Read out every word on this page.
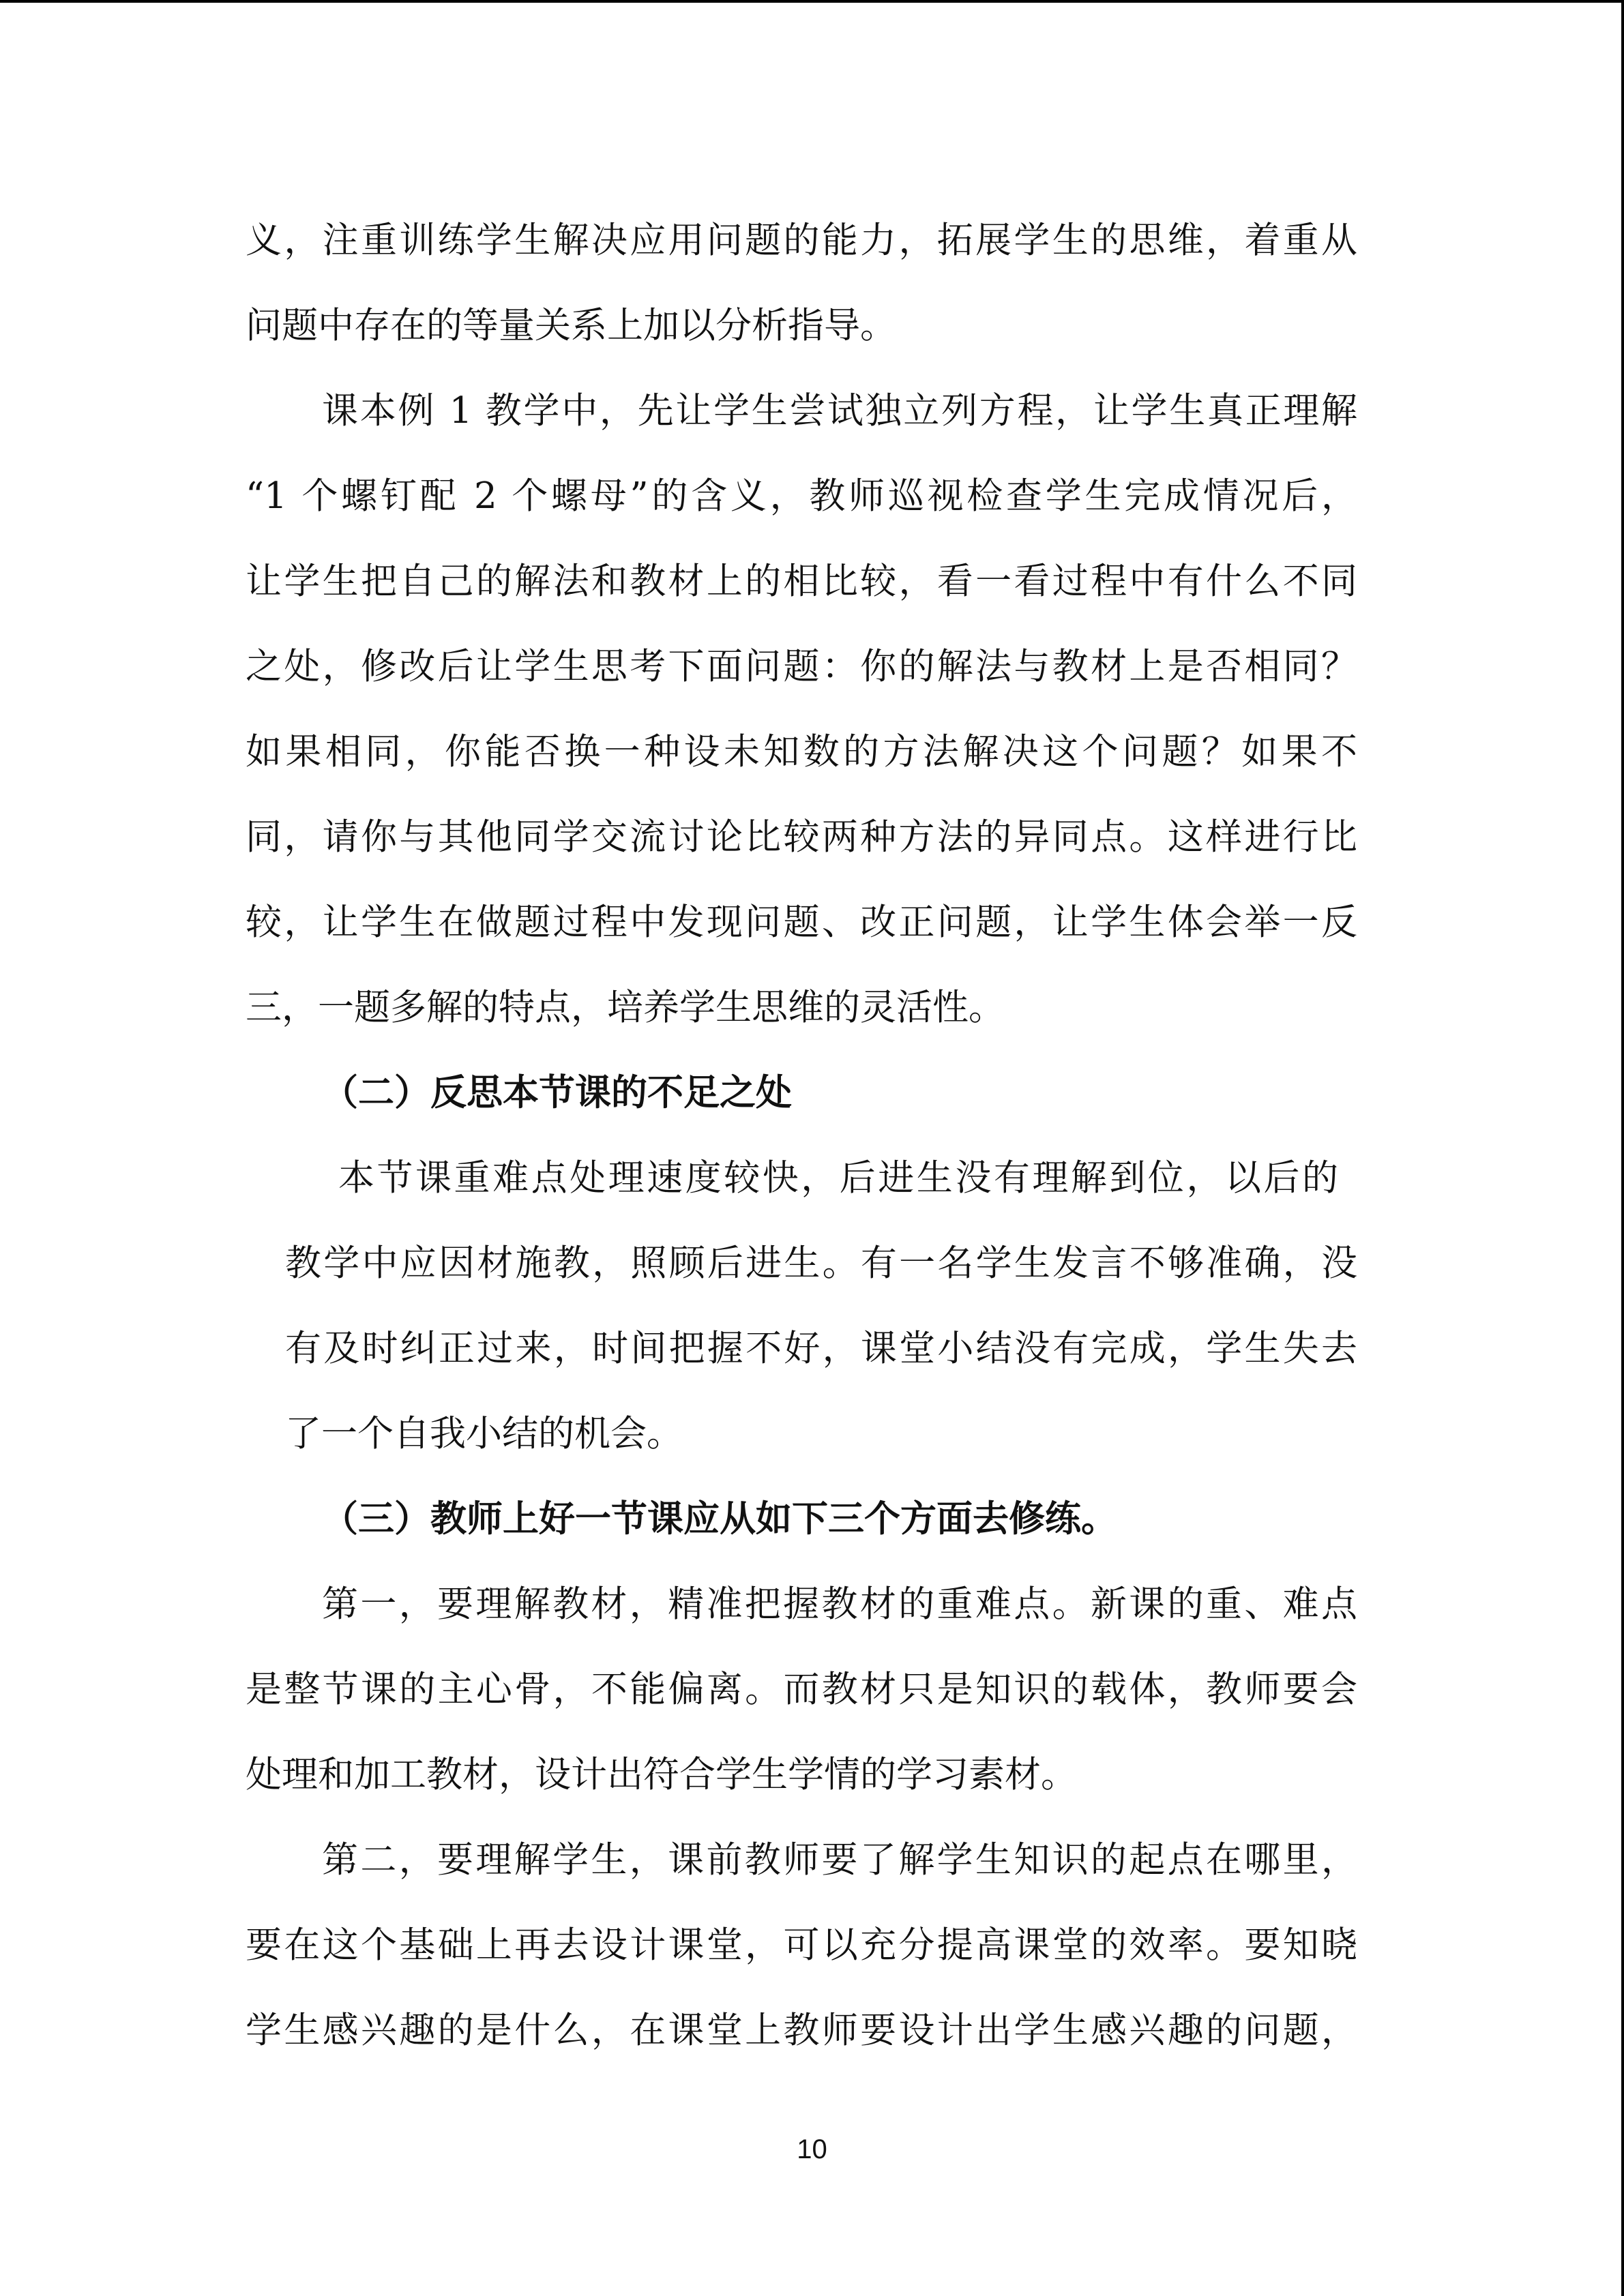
义，注重训练学生解决应用问题的能力，拓展学生的思维，着重从
问题中存在的等量关系上加以分析指导。
课本例 1 教学中，先让学生尝试独立列方程，让学生真正理解
“1 个螺钉配 2 个螺母”的含义，教师巡视检查学生完成情况后，
让学生把自己的解法和教材上的相比较，看一看过程中有什么不同
之处，修改后让学生思考下面问题：你的解法与教材上是否相同？
如果相同，你能否换一种设未知数的方法解决这个问题？如果不
同，请你与其他同学交流讨论比较两种方法的异同点。这样进行比
较，让学生在做题过程中发现问题、改正问题，让学生体会举一反
三，一题多解的特点，培养学生思维的灵活性。
（二）反思本节课的不足之处
本节课重难点处理速度较快，后进生没有理解到位，以后的
教学中应因材施教，照顾后进生。有一名学生发言不够准确，没
有及时纠正过来，时间把握不好，课堂小结没有完成，学生失去
了一个自我小结的机会。
（三）教师上好一节课应从如下三个方面去修练。
第一，要理解教材，精准把握教材的重难点。新课的重、难点
是整节课的主心骨，不能偏离。而教材只是知识的载体，教师要会
处理和加工教材，设计出符合学生学情的学习素材。
第二，要理解学生，课前教师要了解学生知识的起点在哪里，
要在这个基础上再去设计课堂，可以充分提高课堂的效率。要知晓
学生感兴趣的是什么，在课堂上教师要设计出学生感兴趣的问题，
10
